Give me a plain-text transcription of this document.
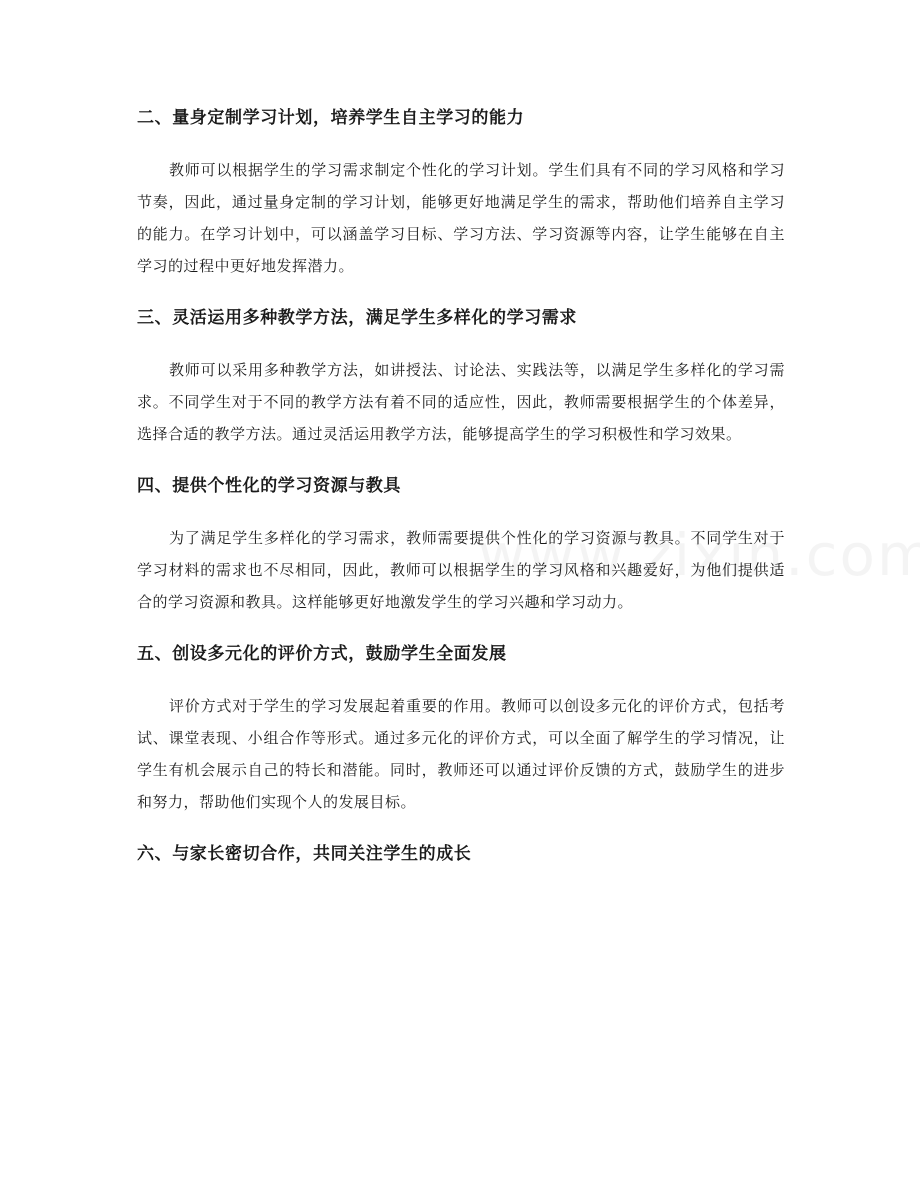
二、量身定制学习计划，培养学生自主学习的能力

教师可以根据学生的学习需求制定个性化的学习计划。学生们具有不同的学习风格和学习节奏，因此，通过量身定制的学习计划，能够更好地满足学生的需求，帮助他们培养自主学习的能力。在学习计划中，可以涵盖学习目标、学习方法、学习资源等内容，让学生能够在自主学习的过程中更好地发挥潜力。

三、灵活运用多种教学方法，满足学生多样化的学习需求

教师可以采用多种教学方法，如讲授法、讨论法、实践法等，以满足学生多样化的学习需求。不同学生对于不同的教学方法有着不同的适应性，因此，教师需要根据学生的个体差异，选择合适的教学方法。通过灵活运用教学方法，能够提高学生的学习积极性和学习效果。

四、提供个性化的学习资源与教具

为了满足学生多样化的学习需求，教师需要提供个性化的学习资源与教具。不同学生对于学习材料的需求也不尽相同，因此，教师可以根据学生的学习风格和兴趣爱好，为他们提供适合的学习资源和教具。这样能够更好地激发学生的学习兴趣和学习动力。

五、创设多元化的评价方式，鼓励学生全面发展

评价方式对于学生的学习发展起着重要的作用。教师可以创设多元化的评价方式，包括考试、课堂表现、小组合作等形式。通过多元化的评价方式，可以全面了解学生的学习情况，让学生有机会展示自己的特长和潜能。同时，教师还可以通过评价反馈的方式，鼓励学生的进步和努力，帮助他们实现个人的发展目标。

六、与家长密切合作，共同关注学生的成长
